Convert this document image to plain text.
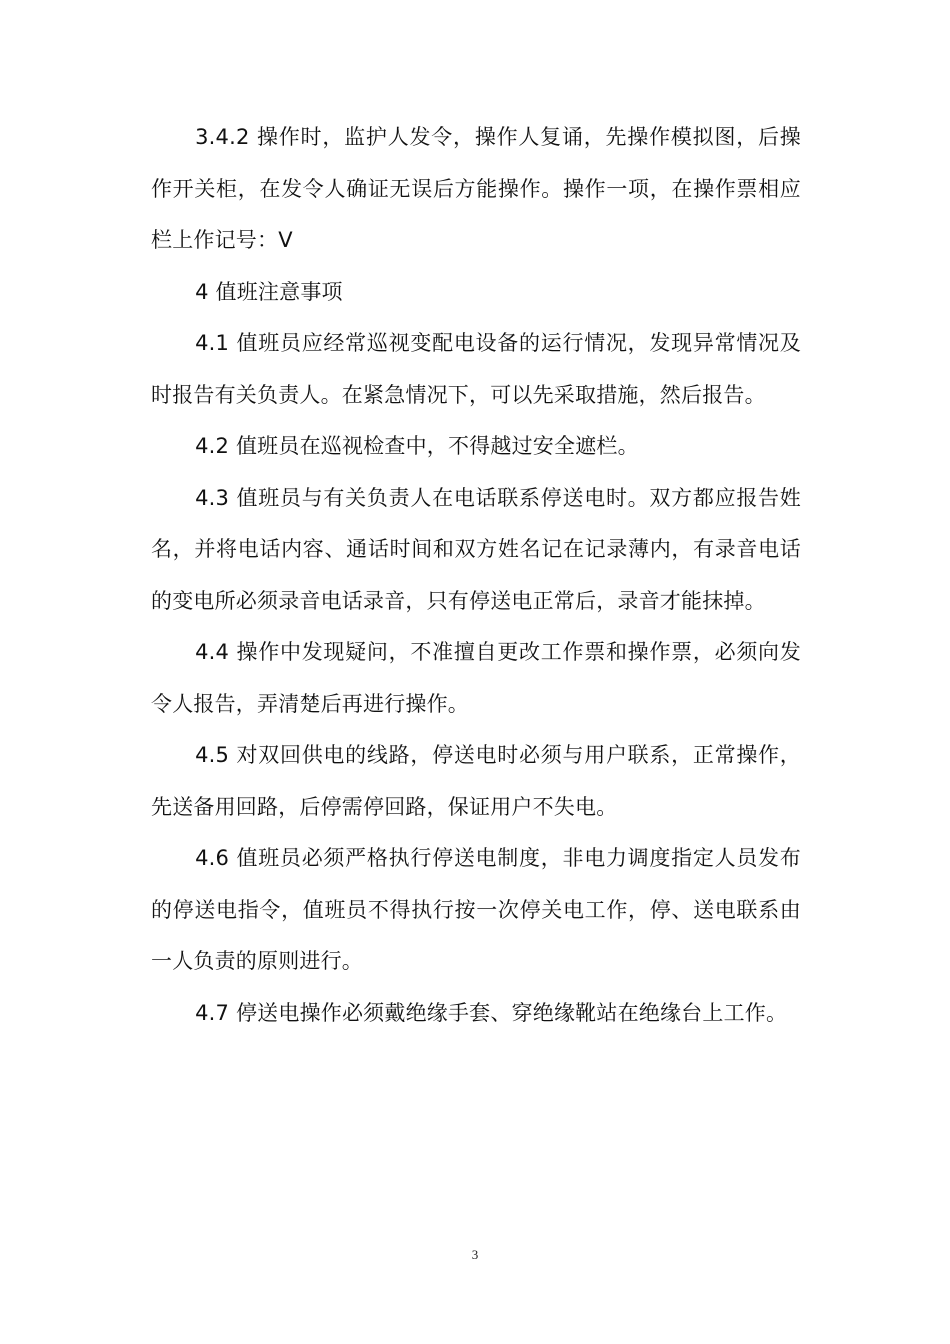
3.4.2 操作时，监护人发令，操作人复诵，先操作模拟图，后操作开关柜，在发令人确证无误后方能操作。操作一项，在操作票相应栏上作记号：V

4 值班注意事项

4.1 值班员应经常巡视变配电设备的运行情况，发现异常情况及时报告有关负责人。在紧急情况下，可以先采取措施，然后报告。

4.2 值班员在巡视检查中，不得越过安全遮栏。

4.3 值班员与有关负责人在电话联系停送电时。双方都应报告姓名，并将电话内容、通话时间和双方姓名记在记录薄内，有录音电话的变电所必须录音电话录音，只有停送电正常后，录音才能抹掉。

4.4 操作中发现疑问，不准擅自更改工作票和操作票，必须向发令人报告，弄清楚后再进行操作。

4.5 对双回供电的线路，停送电时必须与用户联系，正常操作，先送备用回路，后停需停回路，保证用户不失电。

4.6 值班员必须严格执行停送电制度，非电力调度指定人员发布的停送电指令，值班员不得执行按一次停关电工作，停、送电联系由一人负责的原则进行。

4.7 停送电操作必须戴绝缘手套、穿绝缘靴站在绝缘台上工作。

3
